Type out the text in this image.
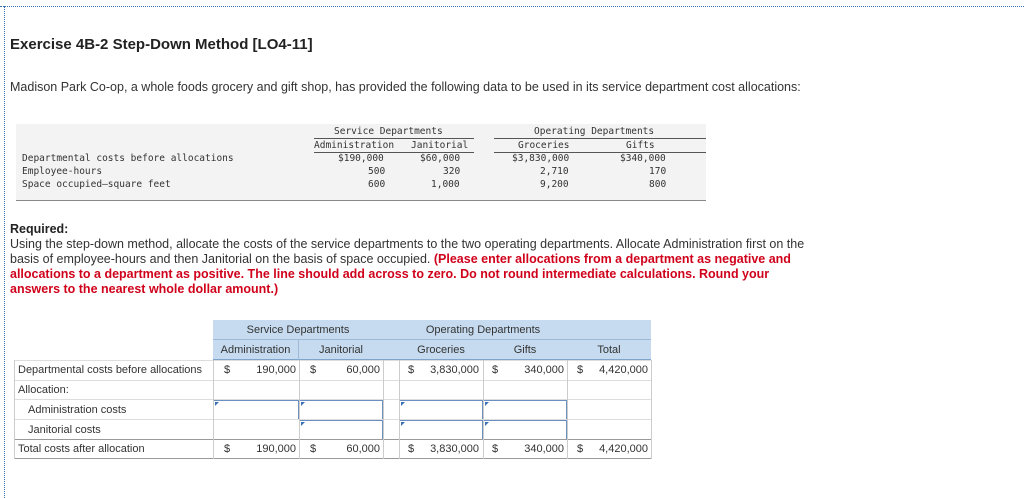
Exercise 4B-2 Step-Down Method [LO4-11]
Madison Park Co-op, a whole foods grocery and gift shop, has provided the following data to be used in its service department cost allocations:
Service Departments	Operating Departments
Administration Janitorial	Groceries	Gifts
Departmental costs before allocations	$190,000	$60,000	$3,830,000	$340,000
Employee-hours	500	320	2,710	170
Space occupied—square feet	600	1,000	9,200	800
Required:
Using the step-down method, allocate the costs of the service departments to the two operating departments. Allocate Administration first on the basis of employee-hours and then Janitorial on the basis of space occupied. (Please enter allocations from a department as negative and allocations to a department as positive. The line should add across to zero. Do not round intermediate calculations. Round your answers to the nearest whole dollar amount.)
Service Departments	Operating Departments
Administration	Janitorial	Groceries	Gifts	Total
Departmental costs before allocations $	190,000 $	60,000	$	3,830,000 $	340,000 $	4,420,000
Allocation:
Administration costs
Janitorial costs
Total costs after allocation	$	190,000 $	60,000	$	3,830,000 $	340,000 $	4,420,000
